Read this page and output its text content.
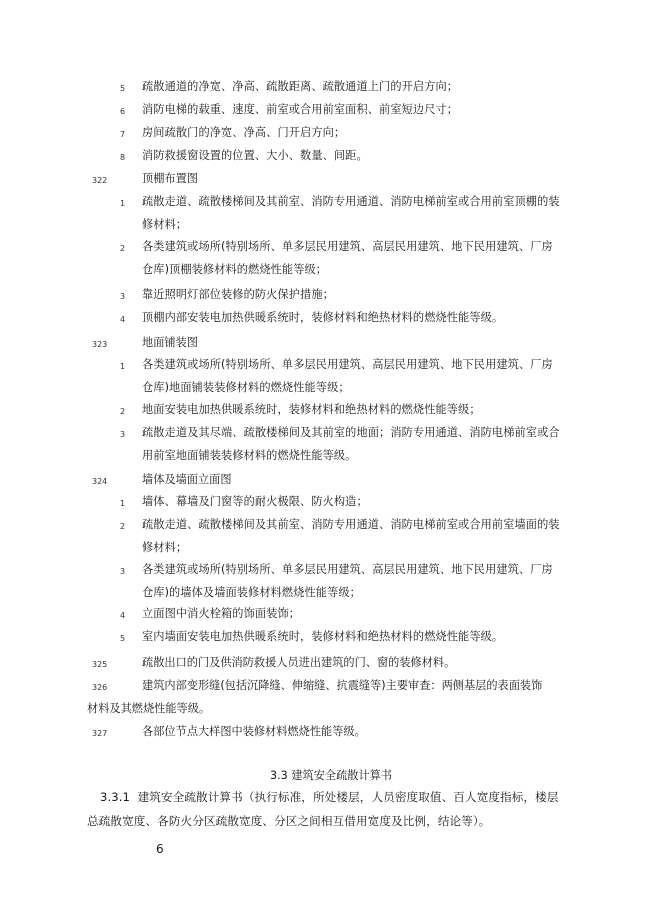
5 疏散通道的净宽、净高、疏散距离、疏散通道上门的开启方向；
6 消防电梯的载重、速度、前室或合用前室面积、前室短边尺寸；
7 房间疏散门的净宽、净高、门开启方向；
8 消防救援窗设置的位置、大小、数量、间距。
322	顶棚布置图
1 疏散走道、疏散楼梯间及其前室、消防专用通道、消防电梯前室或合用前室顶棚的装
修材料；
2 各类建筑或场所(特别场所、单多层民用建筑、高层民用建筑、地下民用建筑、厂房
仓库)顶棚装修材料的燃烧性能等级；
3 靠近照明灯部位装修的防火保护措施；
4 顶棚内部安装电加热供暖系统时，装修材料和绝热材料的燃烧性能等级。
323	地面铺装图
1 各类建筑或场所(特别场所、单多层民用建筑、高层民用建筑、地下民用建筑、厂房
仓库)地面铺装装修材料的燃烧性能等级；
2 地面安装电加热供暖系统时，装修材料和绝热材料的燃烧性能等级；
3 疏散走道及其尽端、疏散楼梯间及其前室的地面；消防专用通道、消防电梯前室或合
用前室地面铺装装修材料的燃烧性能等级。
324	墙体及墙面立面图
1 墙体、幕墙及门窗等的耐火极限、防火构造；
2 疏散走道、疏散楼梯间及其前室、消防专用通道、消防电梯前室或合用前室墙面的装
修材料；
3 各类建筑或场所(特别场所、单多层民用建筑、高层民用建筑、地下民用建筑、厂房
仓库)的墙体及墙面装修材料燃烧性能等级；
4 立面图中消火栓箱的饰面装饰；
5 室内墙面安装电加热供暖系统时，装修材料和绝热材料的燃烧性能等级。
325	疏散出口的门及供消防救援人员进出建筑的门、窗的装修材料。
326	建筑内部变形缝(包括沉降缝、伸缩缝、抗震缝等)主要审查：两侧基层的表面装饰
材料及其燃烧性能等级。
327	各部位节点大样图中装修材料燃烧性能等级。
3.3 建筑安全疏散计算书
3.3.1 建筑安全疏散计算书（执行标准，所处楼层，人员密度取值、百人宽度指标，楼层
总疏散宽度、各防火分区疏散宽度、分区之间相互借用宽度及比例，结论等）。
6
